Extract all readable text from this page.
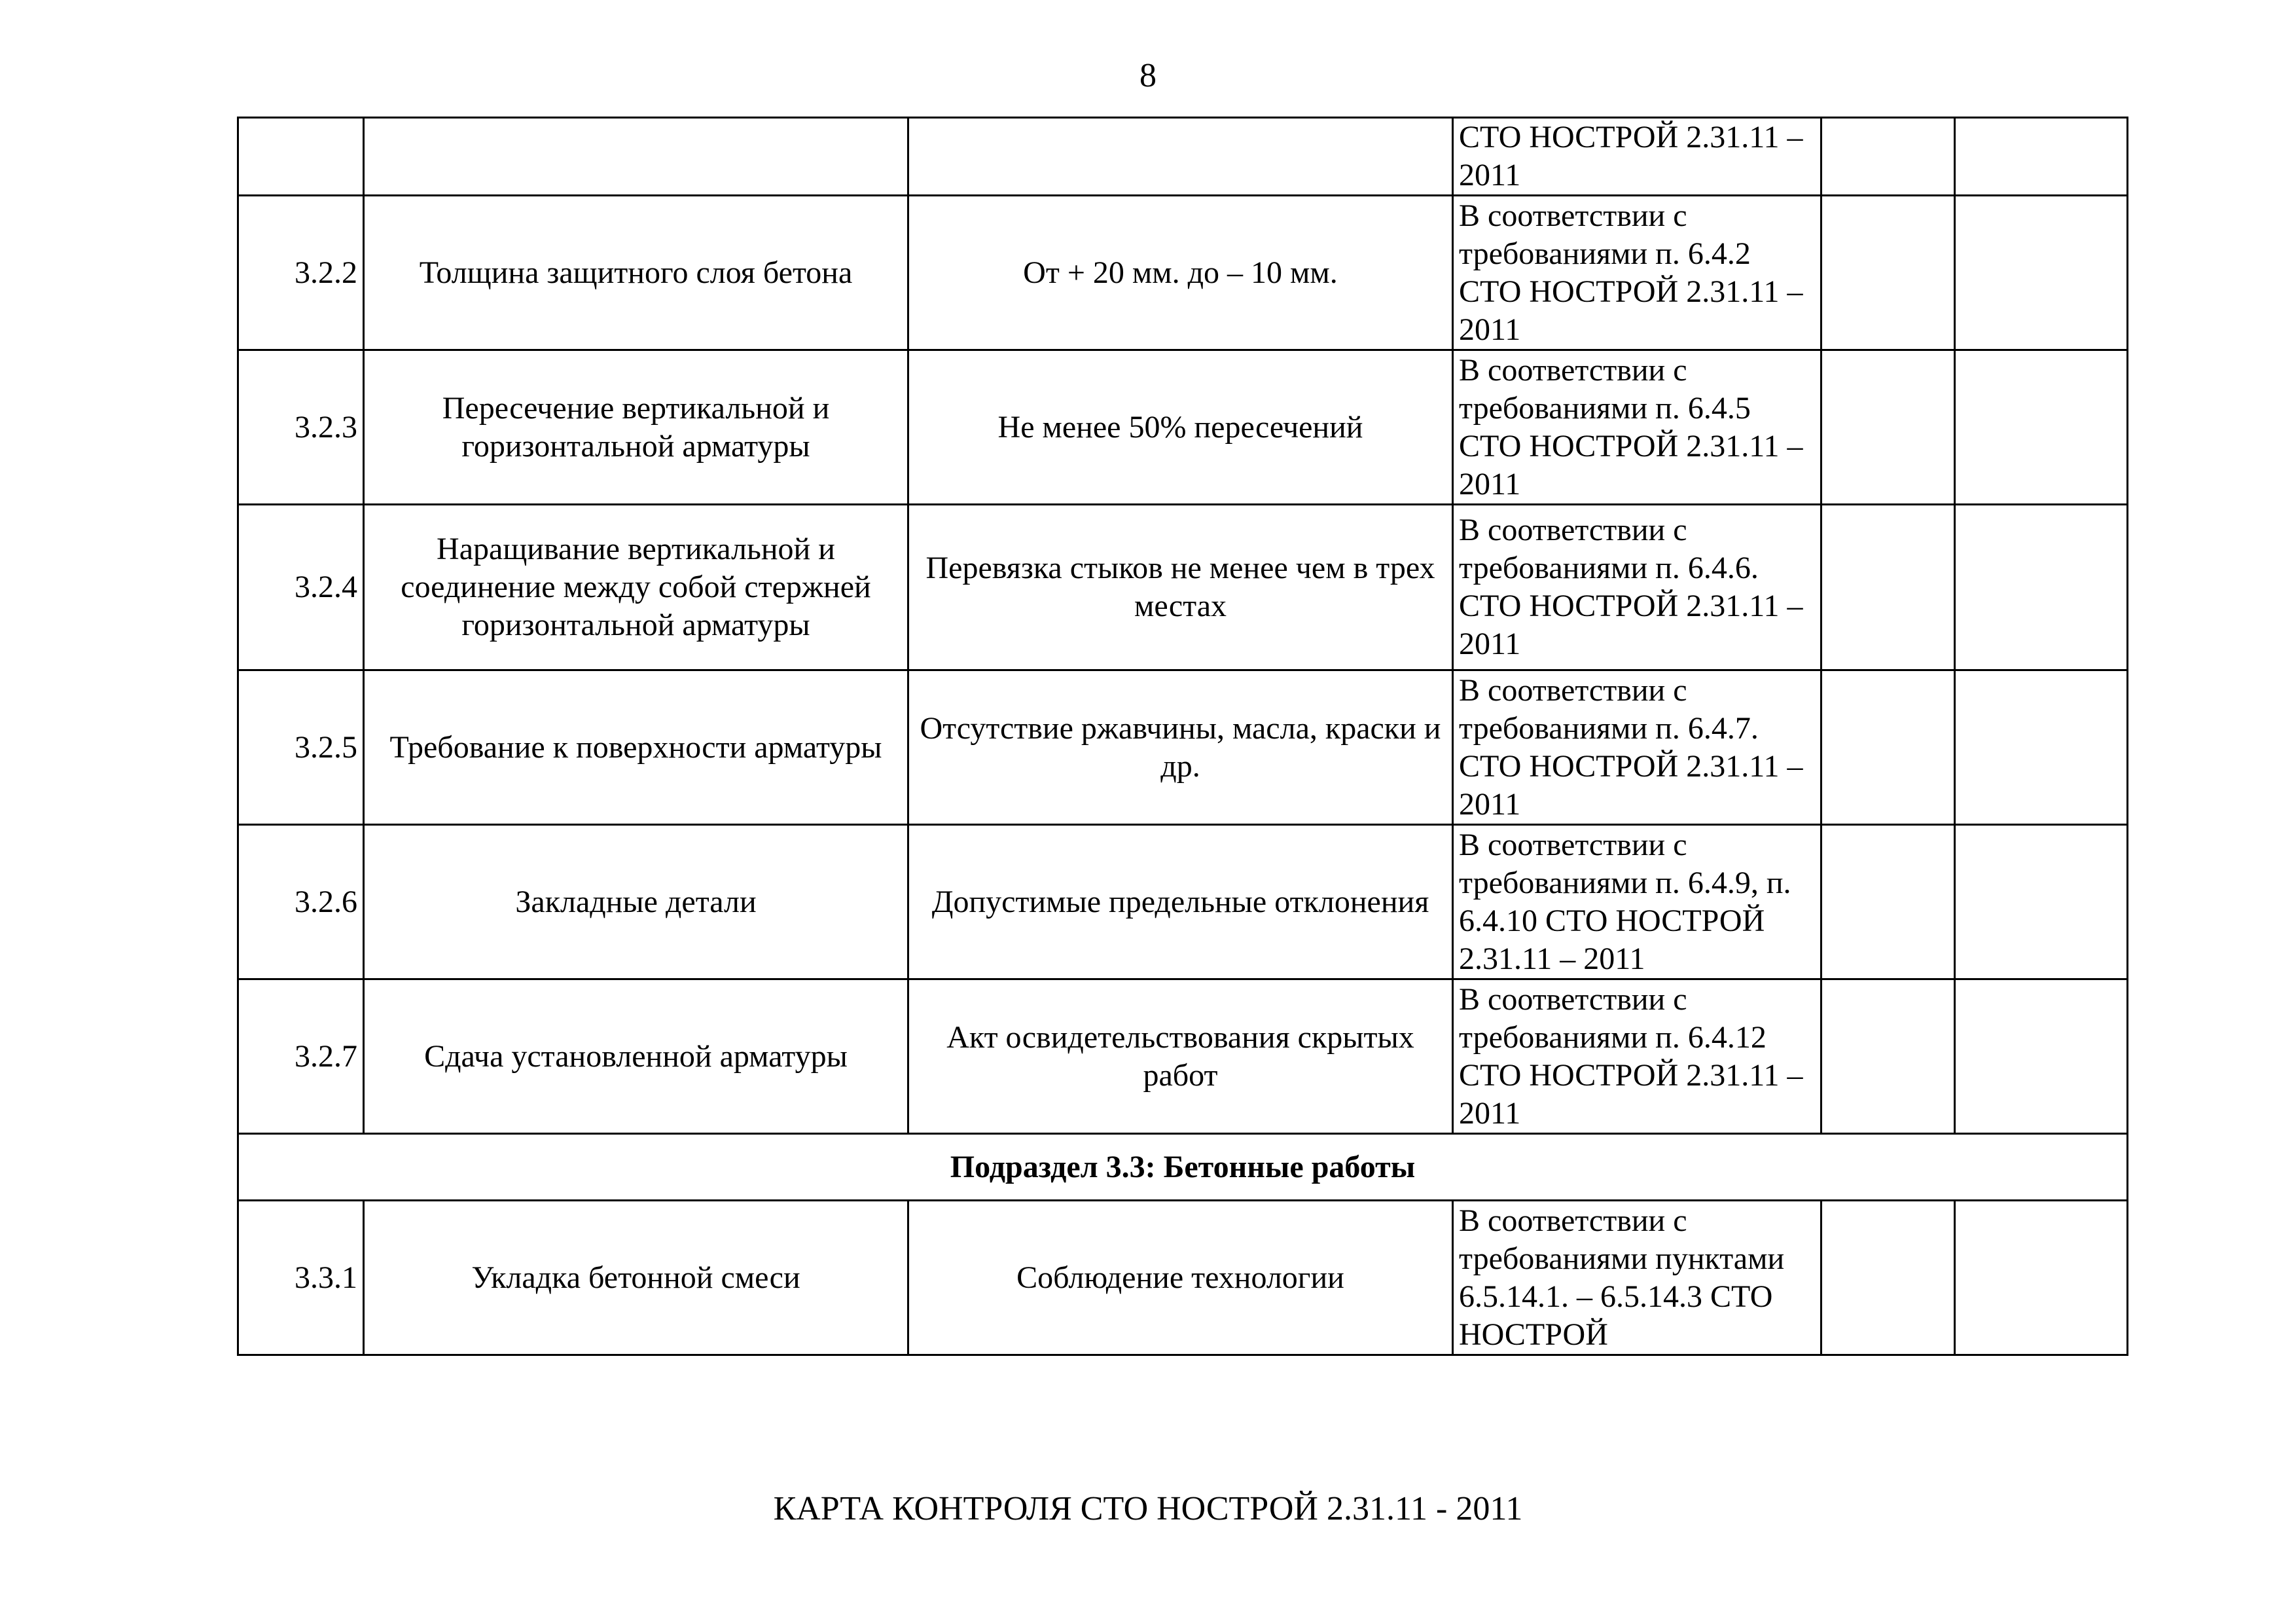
8
			СТО НОСТРОЙ 2.31.11 – 2011		
3.2.2	Толщина защитного слоя бетона	От + 20 мм. до – 10 мм.	В соответствии с требованиями п. 6.4.2 СТО НОСТРОЙ 2.31.11 – 2011		
3.2.3	Пересечение вертикальной и горизонтальной арматуры	Не менее 50% пересечений	В соответствии с требованиями п. 6.4.5 СТО НОСТРОЙ 2.31.11 – 2011		
3.2.4	Наращивание вертикальной и соединение между собой стержней горизонтальной арматуры	Перевязка стыков не менее чем в трех местах	В соответствии с требованиями п. 6.4.6. СТО НОСТРОЙ 2.31.11 – 2011		
3.2.5	Требование к поверхности арматуры	Отсутствие ржавчины, масла, краски и др.	В соответствии с требованиями п. 6.4.7. СТО НОСТРОЙ 2.31.11 – 2011		
3.2.6	Закладные детали	Допустимые предельные отклонения	В соответствии с требованиями п. 6.4.9, п. 6.4.10 СТО НОСТРОЙ 2.31.11 – 2011		
3.2.7	Сдача установленной арматуры	Акт освидетельствования скрытых работ	В соответствии с требованиями п. 6.4.12 СТО НОСТРОЙ 2.31.11 – 2011		
Подраздел 3.3: Бетонные работы					
3.3.1	Укладка бетонной смеси	Соблюдение технологии	В соответствии с требованиями пунктами 6.5.14.1. – 6.5.14.3 СТО НОСТРОЙ		
КАРТА КОНТРОЛЯ СТО НОСТРОЙ 2.31.11 - 2011
